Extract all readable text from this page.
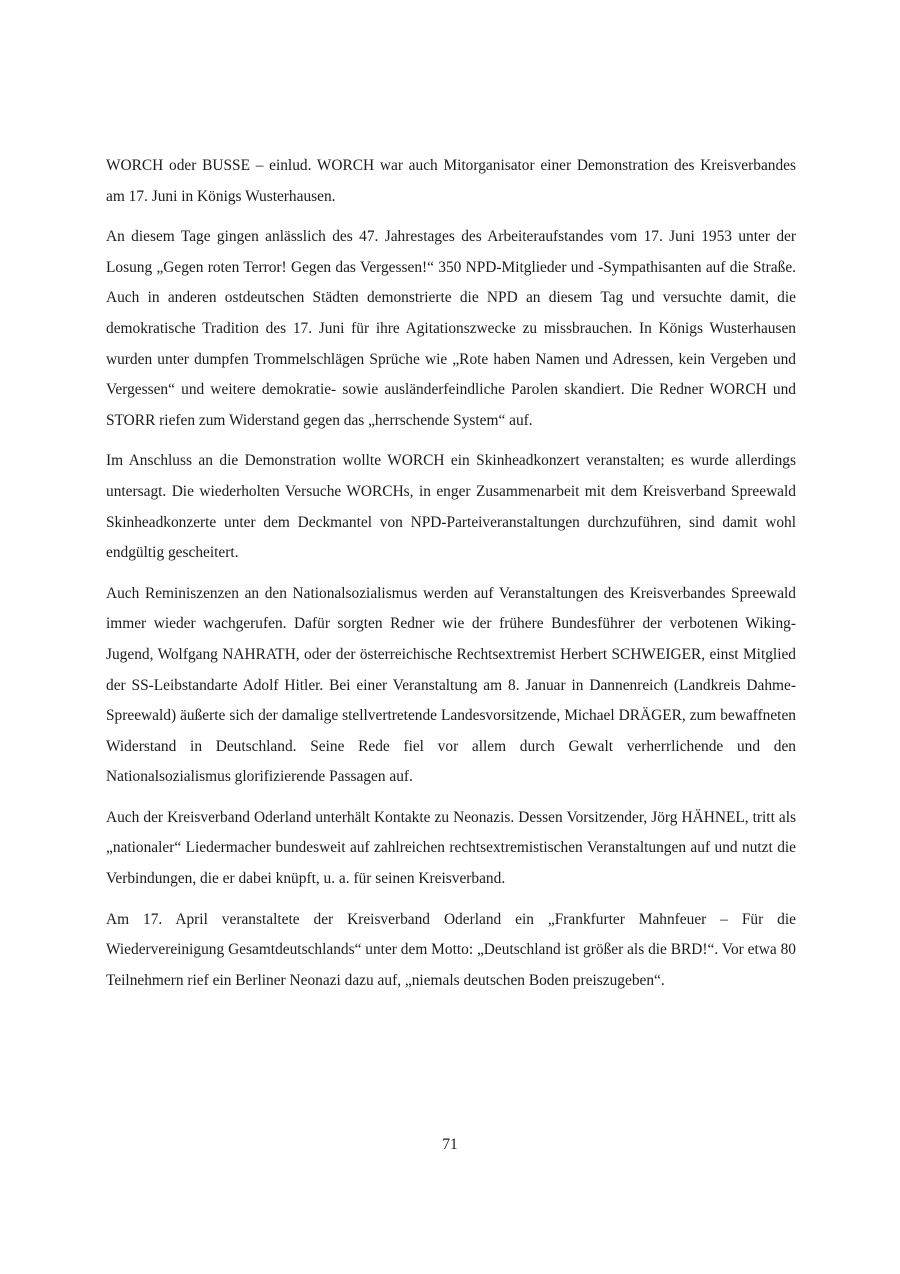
WORCH oder BUSSE – einlud. WORCH war auch Mitorganisator einer Demonstration des Kreisverbandes am 17. Juni in Königs Wusterhausen.

An diesem Tage gingen anlässlich des 47. Jahrestages des Arbeiteraufstandes vom 17. Juni 1953 unter der Losung „Gegen roten Terror! Gegen das Vergessen!“ 350 NPD-Mitglieder und -Sympathisanten auf die Straße. Auch in anderen ostdeutschen Städten demonstrierte die NPD an diesem Tag und versuchte damit, die demokratische Tradition des 17. Juni für ihre Agitationszwecke zu missbrauchen. In Königs Wusterhausen wurden unter dumpfen Trommelschlägen Sprüche wie „Rote haben Namen und Adressen, kein Vergeben und Vergessen“ und weitere demokratie- sowie ausländerfeindliche Parolen skandiert. Die Redner WORCH und STORR riefen zum Widerstand gegen das „herrschende System“ auf.

Im Anschluss an die Demonstration wollte WORCH ein Skinheadkonzert veranstalten; es wurde allerdings untersagt. Die wiederholten Versuche WORCHs, in enger Zusammenarbeit mit dem Kreisverband Spreewald Skinheadkonzerte unter dem Deckmantel von NPD-Parteiveranstaltungen durchzuführen, sind damit wohl endgültig gescheitert.

Auch Reminiszenzen an den Nationalsozialismus werden auf Veranstaltungen des Kreisverbandes Spreewald immer wieder wachgerufen. Dafür sorgten Redner wie der frühere Bundesführer der verbotenen Wiking-Jugend, Wolfgang NAHRATH, oder der österreichische Rechtsextremist Herbert SCHWEIGER, einst Mitglied der SS-Leibstandarte Adolf Hitler. Bei einer Veranstaltung am 8. Januar in Dannenreich (Landkreis Dahme-Spreewald) äußerte sich der damalige stellvertretende Landesvorsitzende, Michael DRÄGER, zum bewaffneten Widerstand in Deutschland. Seine Rede fiel vor allem durch Gewalt verherrlichende und den Nationalsozialismus glorifizierende Passagen auf.

Auch der Kreisverband Oderland unterhält Kontakte zu Neonazis. Dessen Vorsitzender, Jörg HÄHNEL, tritt als „nationaler“ Liedermacher bundesweit auf zahlreichen rechtsextremistischen Veranstaltungen auf und nutzt die Verbindungen, die er dabei knüpft, u. a. für seinen Kreisverband.

Am 17. April veranstaltete der Kreisverband Oderland ein „Frankfurter Mahnfeuer – Für die Wiedervereinigung Gesamtdeutschlands“ unter dem Motto: „Deutschland ist größer als die BRD!“. Vor etwa 80 Teilnehmern rief ein Berliner Neonazi dazu auf, „niemals deutschen Boden preiszugeben“.

71
